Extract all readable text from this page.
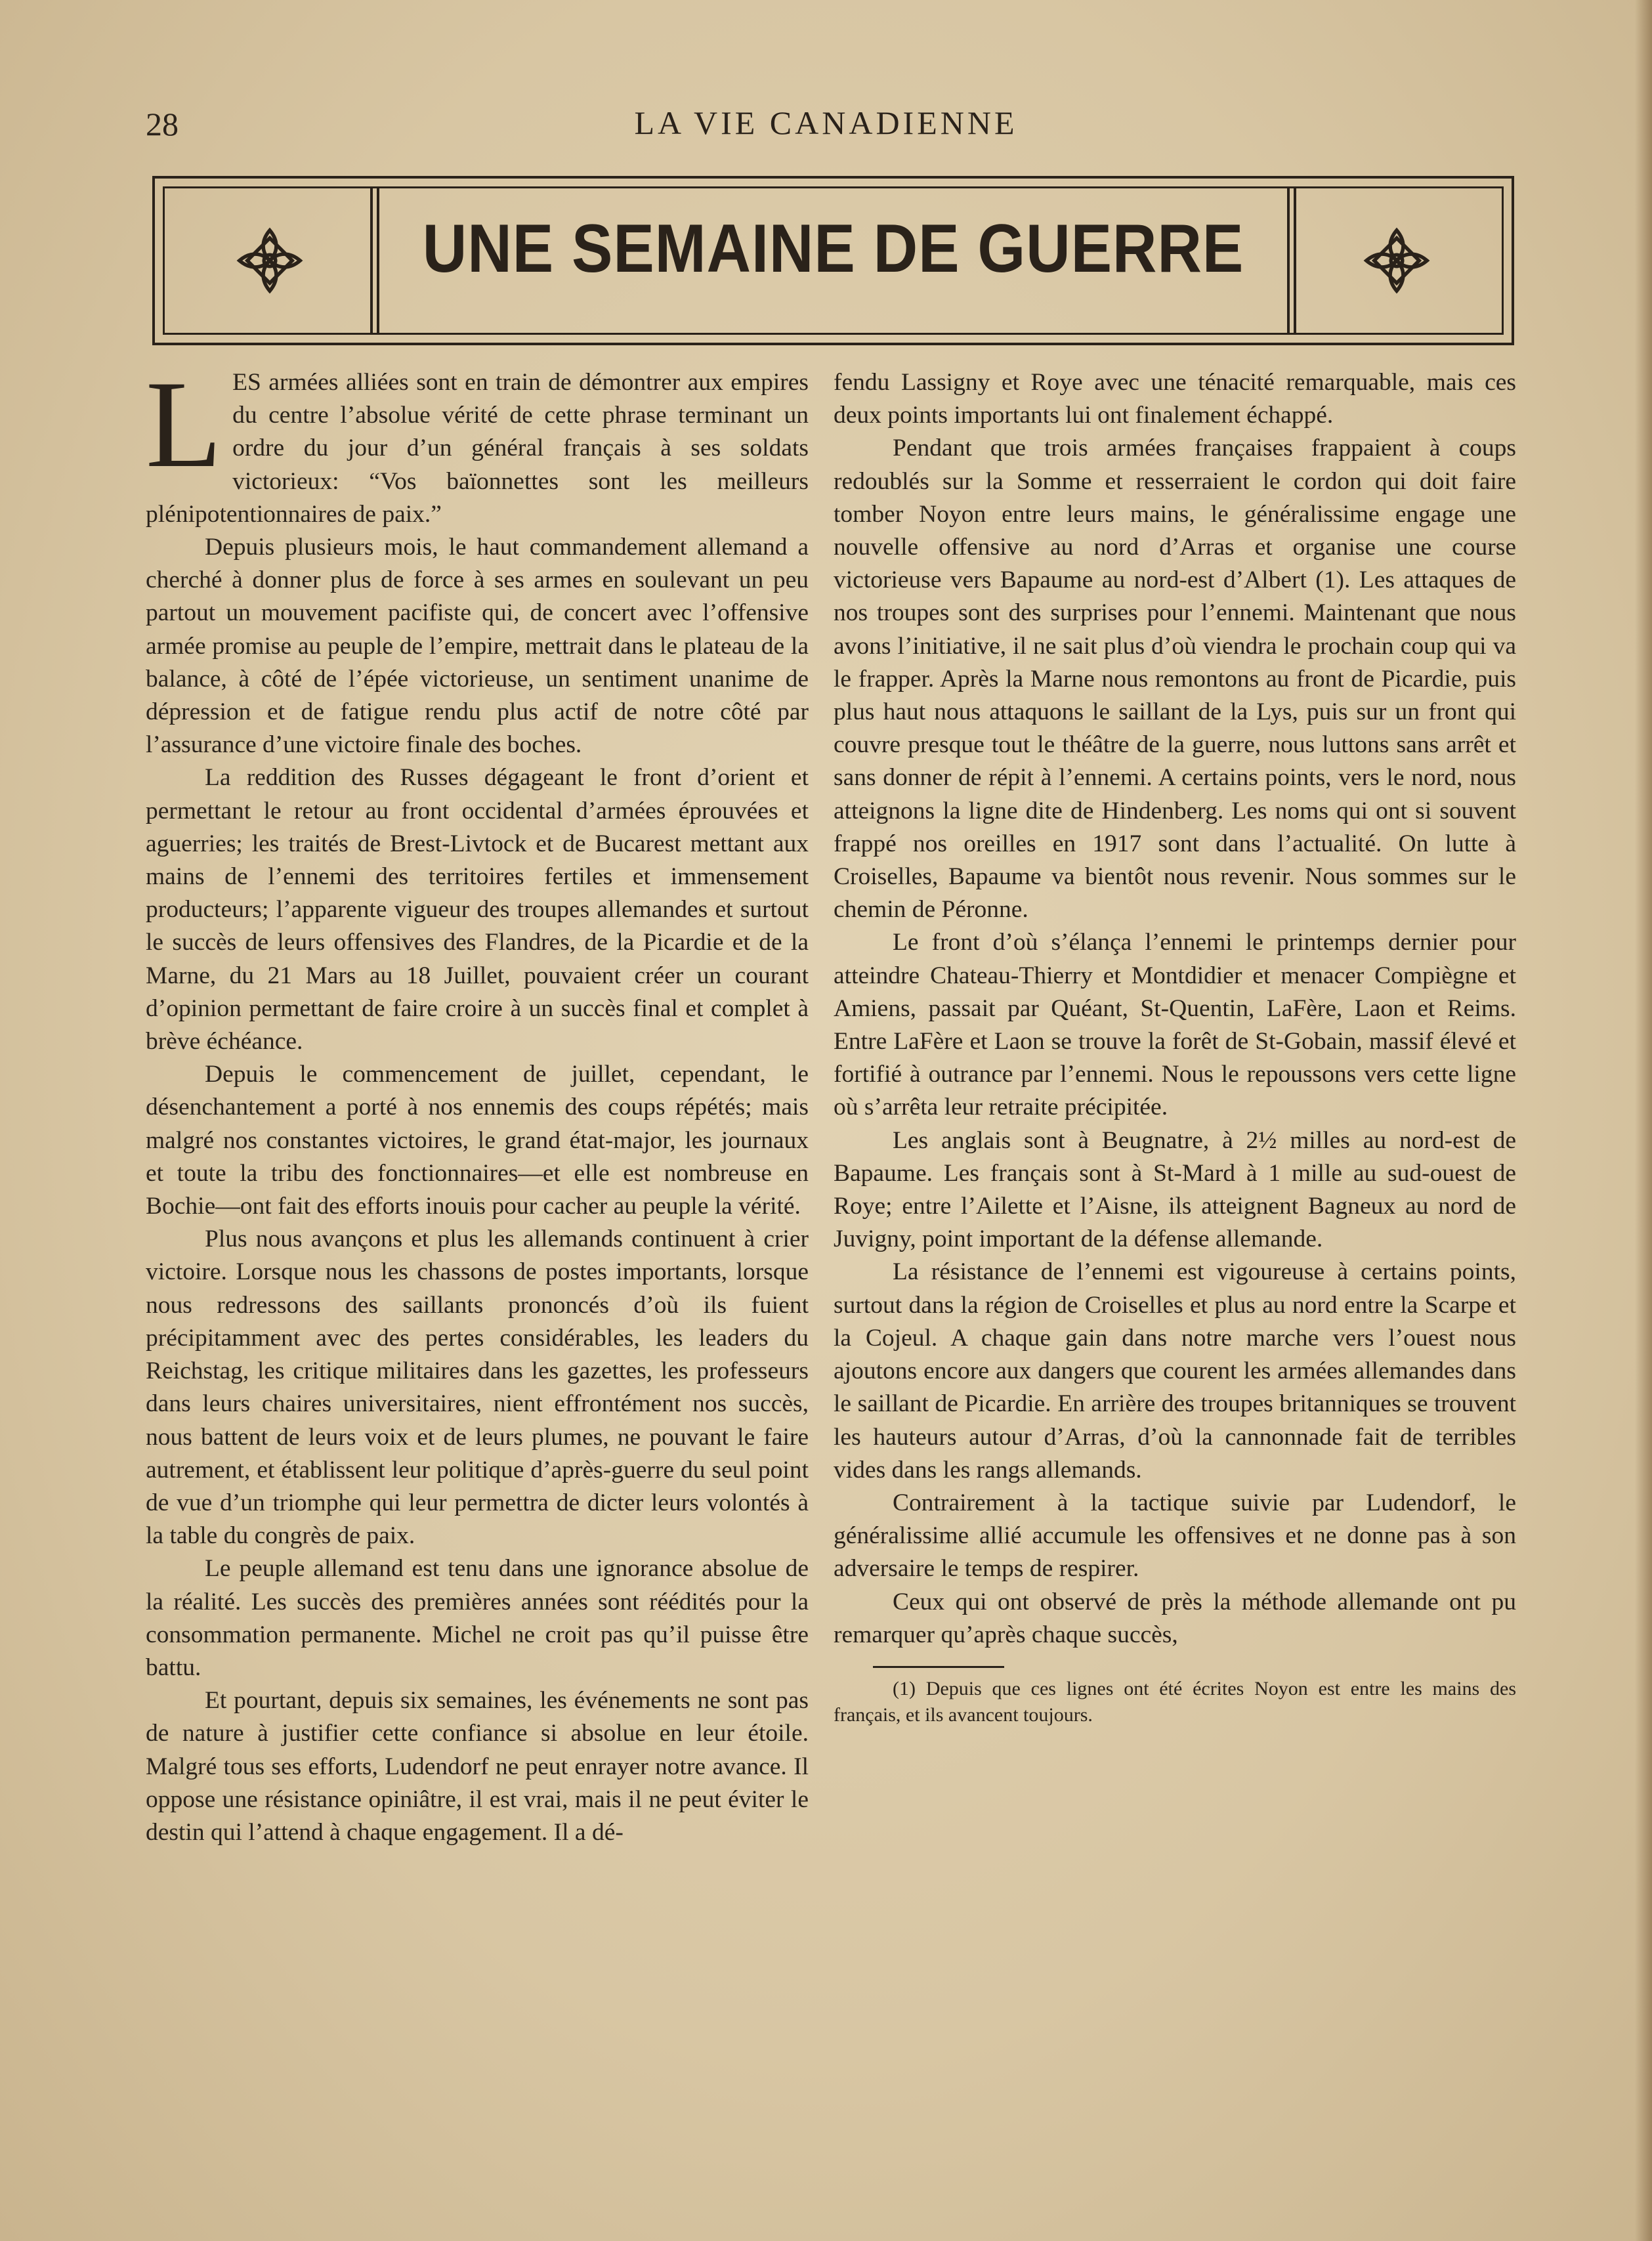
28	LA VIE CANADIENNE
UNE SEMAINE DE GUERRE

LES armées alliées sont en train de démontrer aux empires du centre l’absolue vérité de cette phrase terminant un ordre du jour d’un général français à ses soldats victorieux: “Vos baïonnettes sont les meilleurs plénipotentionnaires de paix.”

Depuis plusieurs mois, le haut commandement allemand a cherché à donner plus de force à ses armes en soulevant un peu partout un mouvement pacifiste qui, de concert avec l’offensive armée promise au peuple de l’empire, mettrait dans le plateau de la balance, à côté de l’épée victorieuse, un sentiment unanime de dépression et de fatigue rendu plus actif de notre côté par l’assurance d’une victoire finale des boches.

La reddition des Russes dégageant le front d’orient et permettant le retour au front occidental d’armées éprouvées et aguerries; les traités de Brest-Livtock et de Bucarest mettant aux mains de l’ennemi des territoires fertiles et immensement producteurs; l’apparente vigueur des troupes allemandes et surtout le succès de leurs offensives des Flandres, de la Picardie et de la Marne, du 21 Mars au 18 Juillet, pouvaient créer un courant d’opinion permettant de faire croire à un succès final et complet à brève échéance.

Depuis le commencement de juillet, cependant, le désenchantement a porté à nos ennemis des coups répétés; mais malgré nos constantes victoires, le grand état-major, les journaux et toute la tribu des fonctionnaires—et elle est nombreuse en Bochie—ont fait des efforts inouis pour cacher au peuple la vérité.

Plus nous avançons et plus les allemands continuent à crier victoire. Lorsque nous les chassons de postes importants, lorsque nous redressons des saillants prononcés d’où ils fuient précipitamment avec des pertes considérables, les leaders du Reichstag, les critique militaires dans les gazettes, les professeurs dans leurs chaires universitaires, nient effrontément nos succès, nous battent de leurs voix et de leurs plumes, ne pouvant le faire autrement, et établissent leur politique d’après-guerre du seul point de vue d’un triomphe qui leur permettra de dicter leurs volontés à la table du congrès de paix.

Le peuple allemand est tenu dans une ignorance absolue de la réalité. Les succès des premières années sont réédités pour la consommation permanente. Michel ne croit pas qu’il puisse être battu.

Et pourtant, depuis six semaines, les événements ne sont pas de nature à justifier cette confiance si absolue en leur étoile. Malgré tous ses efforts, Ludendorf ne peut enrayer notre avance. Il oppose une résistance opiniâtre, il est vrai, mais il ne peut éviter le destin qui l’attend à chaque engagement. Il a dé-

fendu Lassigny et Roye avec une ténacité remarquable, mais ces deux points importants lui ont finalement échappé.

Pendant que trois armées françaises frappaient à coups redoublés sur la Somme et resserraient le cordon qui doit faire tomber Noyon entre leurs mains, le généralissime engage une nouvelle offensive au nord d’Arras et organise une course victorieuse vers Bapaume au nord-est d’Albert (1). Les attaques de nos troupes sont des surprises pour l’ennemi. Maintenant que nous avons l’initiative, il ne sait plus d’où viendra le prochain coup qui va le frapper. Après la Marne nous remontons au front de Picardie, puis plus haut nous attaquons le saillant de la Lys, puis sur un front qui couvre presque tout le théâtre de la guerre, nous luttons sans arrêt et sans donner de répit à l’ennemi. A certains points, vers le nord, nous atteignons la ligne dite de Hindenberg. Les noms qui ont si souvent frappé nos oreilles en 1917 sont dans l’actualité. On lutte à Croiselles, Bapaume va bientôt nous revenir. Nous sommes sur le chemin de Péronne.

Le front d’où s’élança l’ennemi le printemps dernier pour atteindre Chateau-Thierry et Montdidier et menacer Compiègne et Amiens, passait par Quéant, St-Quentin, LaFère, Laon et Reims. Entre LaFère et Laon se trouve la forêt de St-Gobain, massif élevé et fortifié à outrance par l’ennemi. Nous le repoussons vers cette ligne où s’arrêta leur retraite précipitée.

Les anglais sont à Beugnatre, à 2½ milles au nord-est de Bapaume. Les français sont à St-Mard à 1 mille au sud-ouest de Roye; entre l’Ailette et l’Aisne, ils atteignent Bagneux au nord de Juvigny, point important de la défense allemande.

La résistance de l’ennemi est vigoureuse à certains points, surtout dans la région de Croiselles et plus au nord entre la Scarpe et la Cojeul. A chaque gain dans notre marche vers l’ouest nous ajoutons encore aux dangers que courent les armées allemandes dans le saillant de Picardie. En arrière des troupes britanniques se trouvent les hauteurs autour d’Arras, d’où la cannonnade fait de terribles vides dans les rangs allemands.

Contrairement à la tactique suivie par Ludendorf, le généralissime allié accumule les offensives et ne donne pas à son adversaire le temps de respirer.

Ceux qui ont observé de près la méthode allemande ont pu remarquer qu’après chaque succès,

(1) Depuis que ces lignes ont été écrites Noyon est entre les mains des français, et ils avancent toujours.
